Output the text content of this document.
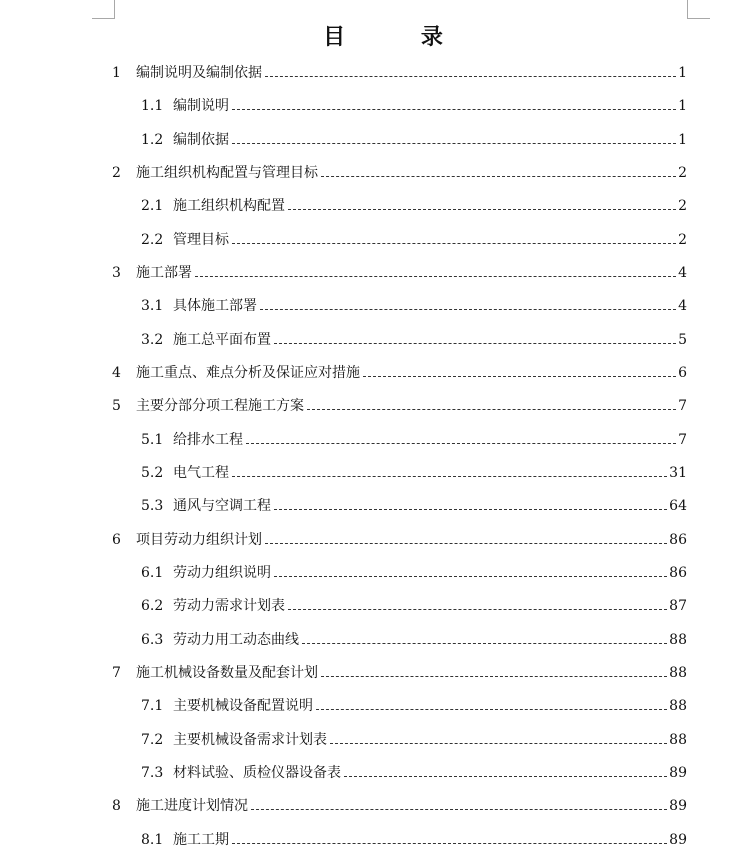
目 录
1	编制说明及编制依据	1
1.1 编制说明	1
1.2 编制依据	1
2	施工组织机构配置与管理目标	2
2.1 施工组织机构配置	2
2.2 管理目标	2
3	施工部署	4
3.1 具体施工部署	4
3.2 施工总平面布置	5
4	施工重点、难点分析及保证应对措施	6
5	主要分部分项工程施工方案	7
5.1 给排水工程	7
5.2 电气工程	31
5.3 通风与空调工程	64
6	项目劳动力组织计划	86
6.1 劳动力组织说明	86
6.2 劳动力需求计划表	87
6.3 劳动力用工动态曲线	88
7	施工机械设备数量及配套计划	88
7.1 主要机械设备配置说明	88
7.2 主要机械设备需求计划表	88
7.3 材料试验、质检仪器设备表	89
8	施工进度计划情况	89
8.1 施工工期	89
